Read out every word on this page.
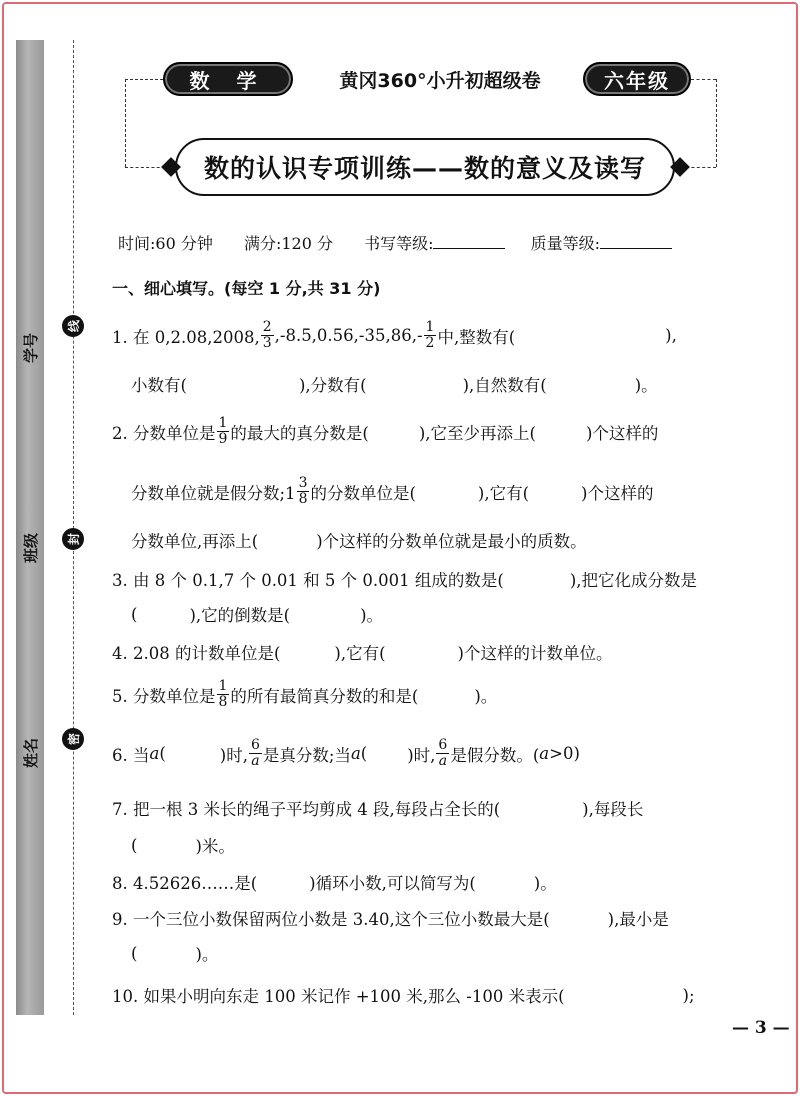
学号
班级
姓名
线
封
密
数 学	黄冈360°小升初超级卷	六年级
数的认识专项训练——数的意义及读写
时间:60 分钟 满分:120 分 书写等级:	质量等级:
一、细心填写。(每空 1 分,共 31 分)
1. 在 0,2.08,2008, $\frac{2}{3} ,-8.5,0.56,-35,86,- \frac{1}{2}$ 中,整数有(	),
小数有(	),分数有(	),自然数有(	)。
2. 分数单位是 $\frac{1}{9}$ 的最大的真分数是(	),它至少再添上(	)个这样的
分数单位就是假分数;1 $\frac{3}{8}$ 的分数单位是(	),它有(	)个这样的
分数单位,再添上(	)个这样的分数单位就是最小的质数。
3. 由 8 个 0.1,7 个 0.01 和 5 个 0.001 组成的数是(	),把它化成分数是
(	),它的倒数是(	)。
4. 2.08 的计数单位是(	),它有(	)个这样的计数单位。
5. 分数单位是 $\frac{1}{8}$ 的所有最简真分数的和是(	)。
6. 当 a (	)时, $\frac{6}{a}$ 是真分数;当 a ( )时, $\frac{6}{a}$ 是假分数。( a >0)
7. 把一根 3 米长的绳子平均剪成 4 段,每段占全长的(	),每段长
(	)米。
8. 4.52626……是(	)循环小数,可以简写为(	)。
9. 一个三位小数保留两位小数是 3.40,这个三位小数最大是(	),最小是
(	)。
10. 如果小明向东走 100 米记作 +100 米,那么 -100 米表示(	);
— 3 —
